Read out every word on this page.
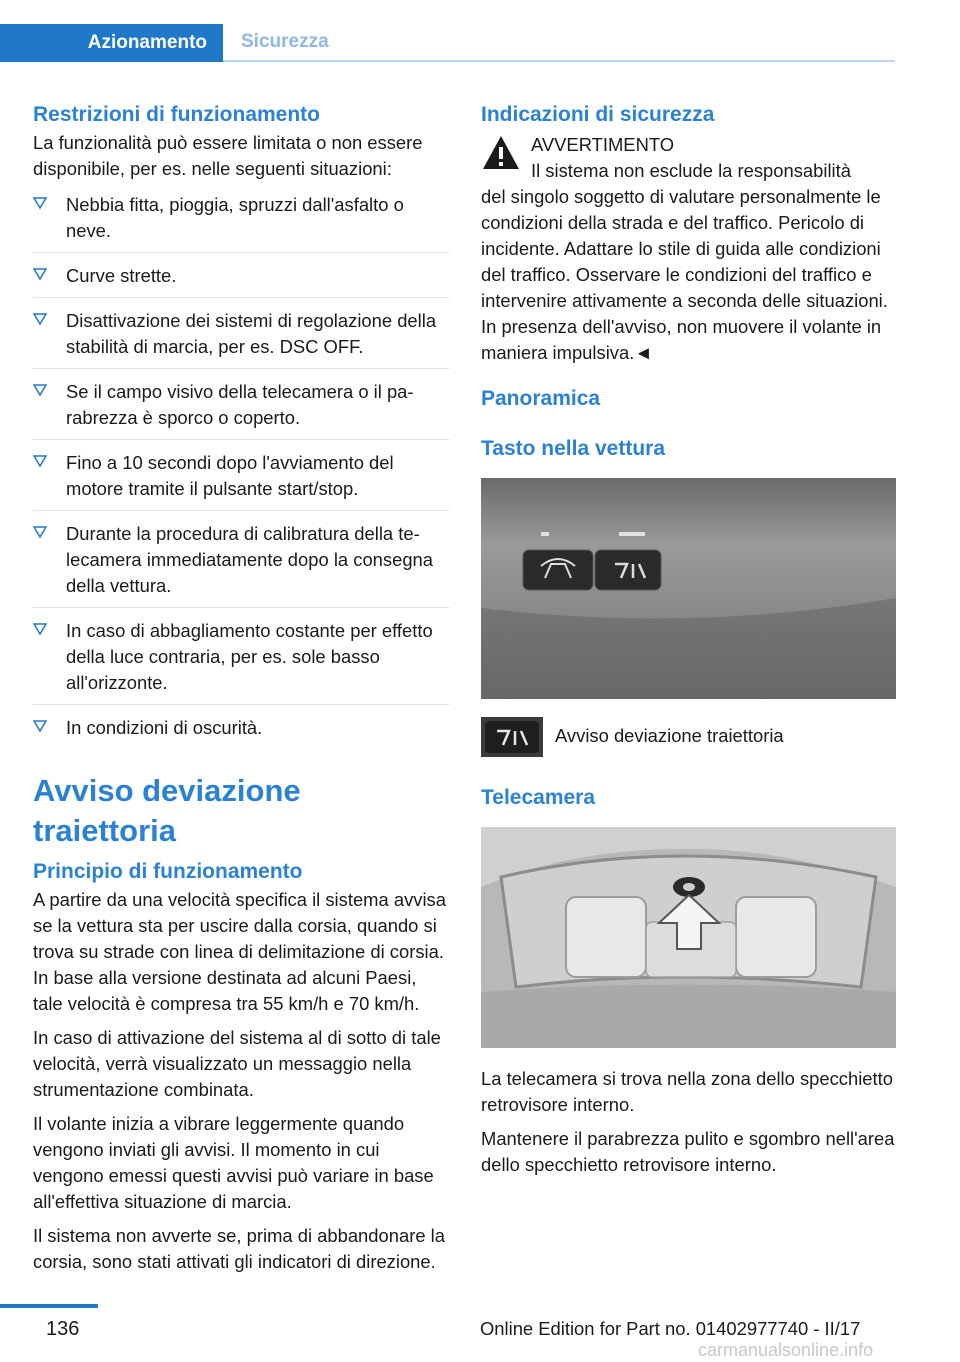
Azionamento	Sicurezza
Restrizioni di funzionamento

La funzionalità può essere limitata o non essere disponibile, per es. nelle seguenti situazioni:

Nebbia fitta, pioggia, spruzzi dall'asfalto o neve.
Curve strette.
Disattivazione dei sistemi di regolazione della stabilità di marcia, per es. DSC OFF.
Se il campo visivo della telecamera o il parabrezza è sporco o coperto.
Fino a 10 secondi dopo l'avviamento del motore tramite il pulsante start/stop.
Durante la procedura di calibratura della telecamera immediatamente dopo la consegna della vettura.
In caso di abbagliamento costante per effetto della luce contraria, per es. sole basso all'orizzonte.
In condizioni di oscurità.
Avviso deviazione traiettoria
Principio di funzionamento

A partire da una velocità specifica il sistema avvisa se la vettura sta per uscire dalla corsia, quando si trova su strade con linea di delimitazione di corsia. In base alla versione destinata ad alcuni Paesi, tale velocità è compresa tra 55 km/h e 70 km/h.

In caso di attivazione del sistema al di sotto di tale velocità, verrà visualizzato un messaggio nella strumentazione combinata.

Il volante inizia a vibrare leggermente quando vengono inviati gli avvisi. Il momento in cui vengono emessi questi avvisi può variare in base all'effettiva situazione di marcia.

Il sistema non avverte se, prima di abbandonare la corsia, sono stati attivati gli indicatori di direzione.

Indicazioni di sicurezza

AVVERTIMENTO

Il sistema non esclude la responsabilità

del singolo soggetto di valutare personalmente le condizioni della strada e del traffico. Pericolo di incidente. Adattare lo stile di guida alle condizioni del traffico. Osservare le condizioni del traffico e intervenire attivamente a seconda delle situazioni. In presenza dell'avviso, non muovere il volante in maniera impulsiva.◄

Panoramica
Tasto nella vettura
Avviso deviazione traiettoria
Telecamera

La telecamera si trova nella zona dello specchietto retrovisore interno.

Mantenere il parabrezza pulito e sgombro nell'area dello specchietto retrovisore interno.

136	Online Edition for Part no. 01402977740 - II/17
carmanualsonline.info
